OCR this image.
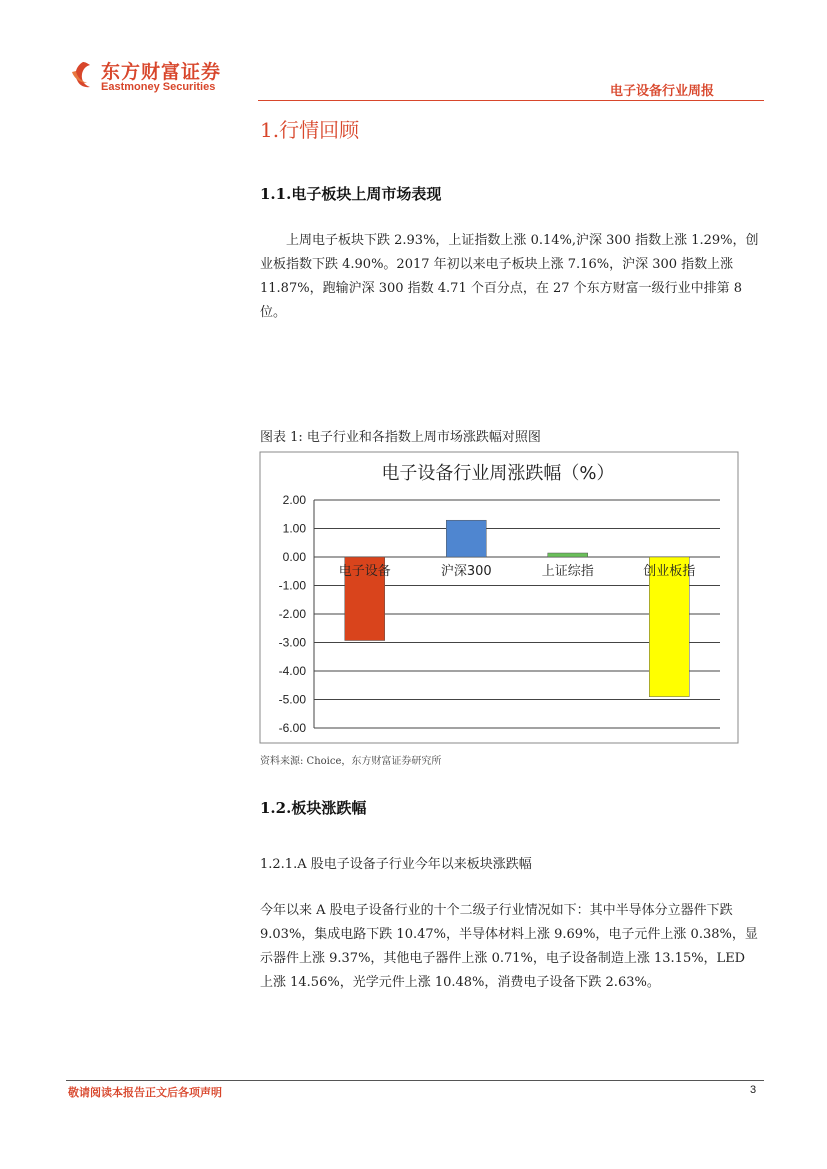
东方财富证券
Eastmoney Securities	电子设备行业周报
1.行情回顾
1.1.电子板块上周市场表现
上周电子板块下跌 2.93%，上证指数上涨 0.14%,沪深 300 指数上涨 1.29%，创业板指数下跌 4.90%。2017 年初以来电子板块上涨 7.16%，沪深 300 指数上涨 11.87%，跑输沪深 300 指数 4.71 个百分点，在 27 个东方财富一级行业中排第 8 位。
图表 1: 电子行业和各指数上周市场涨跌幅对照图
电子设备行业周涨跌幅（%）
2.00
1.00
0.00
-1.00
-2.00
-3.00
-4.00
-5.00
-6.00
电子设备	沪深300	上证综指	创业板指
资料来源: Choice，东方财富证券研究所
1.2.板块涨跌幅
1.2.1.A 股电子设备子行业今年以来板块涨跌幅
今年以来 A 股电子设备行业的十个二级子行业情况如下：其中半导体分立器件下跌 9.03%，集成电路下跌 10.47%，半导体材料上涨 9.69%，电子元件上涨 0.38%，显示器件上涨 9.37%，其他电子器件上涨 0.71%，电子设备制造上涨 13.15%，LED 上涨 14.56%，光学元件上涨 10.48%，消费电子设备下跌 2.63%。
敬请阅读本报告正文后各项声明	3
